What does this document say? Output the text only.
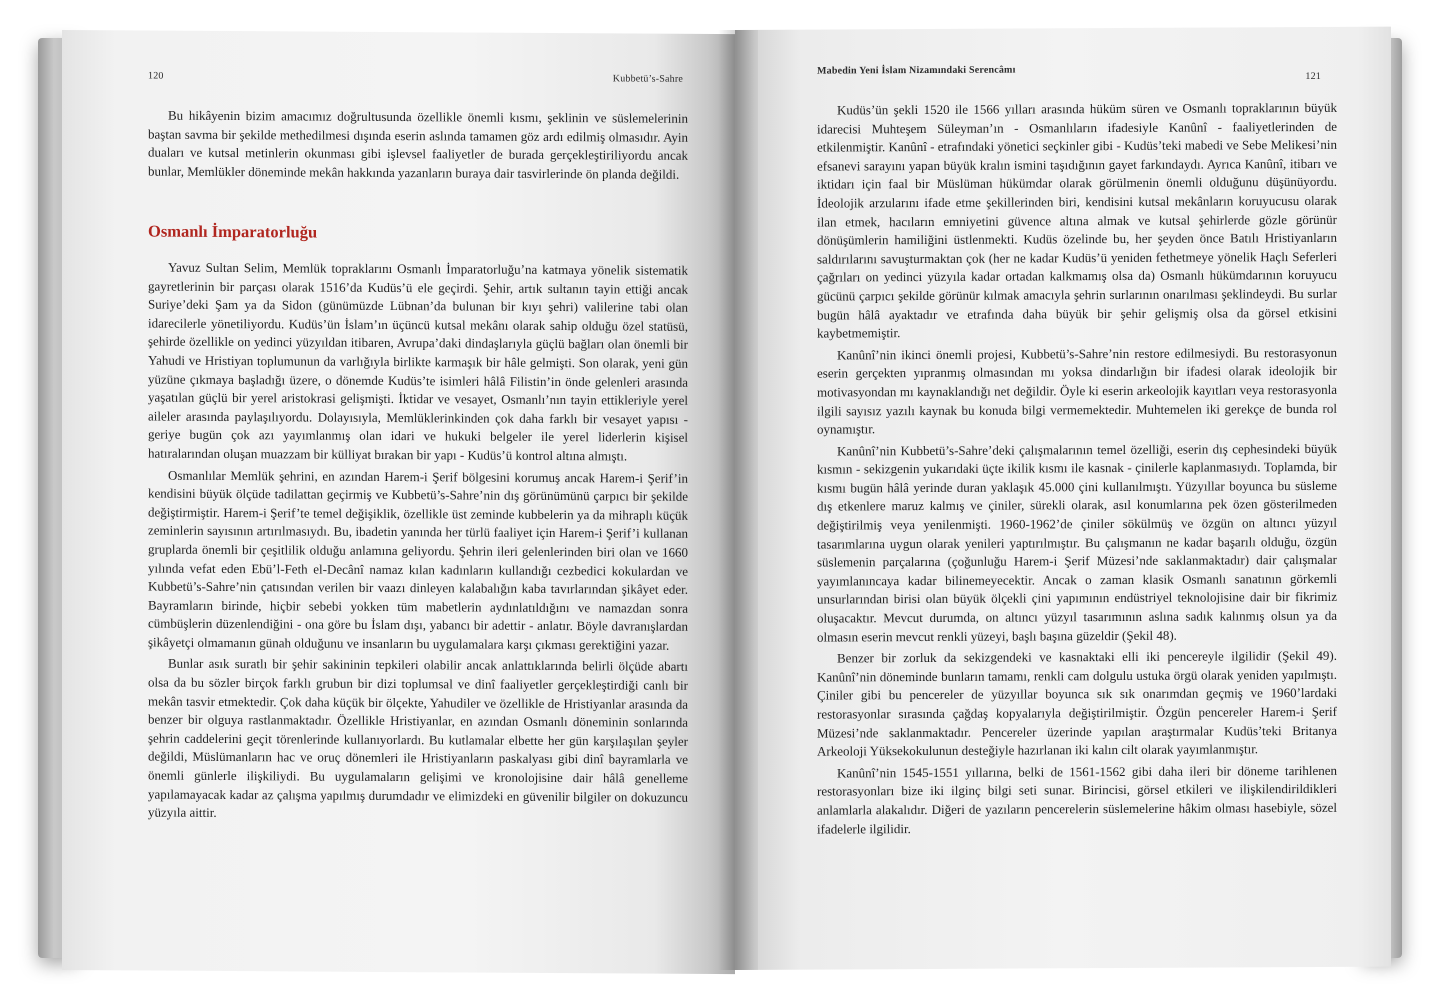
120	Kubbetü’s-Sahre

Bu hikâyenin bizim amacımız doğrultusunda özellikle önemli kısmı, şeklinin ve süslemelerinin baştan savma bir şekilde methedilmesi dışında eserin aslında tamamen göz ardı edilmiş olmasıdır. Ayin duaları ve kutsal metinlerin okunması gibi işlevsel faaliyetler de burada gerçekleştiriliyordu ancak bunlar, Memlükler döneminde mekân hakkında yazanların buraya dair tasvirlerinde ön planda değildi.

Osmanlı İmparatorluğu

Yavuz Sultan Selim, Memlük topraklarını Osmanlı İmparatorluğu’na katmaya yönelik sistematik gayretlerinin bir parçası olarak 1516’da Kudüs’ü ele geçirdi. Şehir, artık sultanın tayin ettiği ancak Suriye’deki Şam ya da Sidon (günümüzde Lübnan’da bulunan bir kıyı şehri) valilerine tabi olan idarecilerle yönetiliyordu. Kudüs’ün İslam’ın üçüncü kutsal mekânı olarak sahip olduğu özel statüsü, şehirde özellikle on yedinci yüzyıldan itibaren, Avrupa’daki dindaşlarıyla güçlü bağları olan önemli bir Yahudi ve Hristiyan toplumunun da varlığıyla birlikte karmaşık bir hâle gelmişti. Son olarak, yeni gün yüzüne çıkmaya başladığı üzere, o dönemde Kudüs’te isimleri hâlâ Filistin’in önde gelenleri arasında yaşatılan güçlü bir yerel aristokrasi gelişmişti. İktidar ve vesayet, Osmanlı’nın tayin ettikleriyle yerel aileler arasında paylaşılıyordu. Dolayısıyla, Memlüklerinkinden çok daha farklı bir vesayet yapısı - geriye bugün çok azı yayımlanmış olan idari ve hukuki belgeler ile yerel liderlerin kişisel hatıralarından oluşan muazzam bir külliyat bırakan bir yapı - Kudüs’ü kontrol altına almıştı.

Osmanlılar Memlük şehrini, en azından Harem-i Şerif bölgesini korumuş ancak Harem-i Şerif’in kendisini büyük ölçüde tadilattan geçirmiş ve Kubbetü’s-Sahre’nin dış görünümünü çarpıcı bir şekilde değiştirmiştir. Harem-i Şerif’te temel değişiklik, özellikle üst zeminde kubbelerin ya da mihraplı küçük zeminlerin sayısının artırılmasıydı. Bu, ibadetin yanında her türlü faaliyet için Harem-i Şerif’i kullanan gruplarda önemli bir çeşitlilik olduğu anlamına geliyordu. Şehrin ileri gelenlerinden biri olan ve 1660 yılında vefat eden Ebü’l-Feth el-Decânî namaz kılan kadınların kullandığı cezbedici kokulardan ve Kubbetü’s-Sahre’nin çatısından verilen bir vaazı dinleyen kalabalığın kaba tavırlarından şikâyet eder. Bayramların birinde, hiçbir sebebi yokken tüm mabetlerin aydınlatıldığını ve namazdan sonra cümbüşlerin düzenlendiğini - ona göre bu İslam dışı, yabancı bir adettir - anlatır. Böyle davranışlardan şikâyetçi olmamanın günah olduğunu ve insanların bu uygulamalara karşı çıkması gerektiğini yazar.

Bunlar asık suratlı bir şehir sakininin tepkileri olabilir ancak anlattıklarında belirli ölçüde abartı olsa da bu sözler birçok farklı grubun bir dizi toplumsal ve dinî faaliyetler gerçekleştirdiği canlı bir mekân tasvir etmektedir. Çok daha küçük bir ölçekte, Yahudiler ve özellikle de Hristiyanlar arasında da benzer bir olguya rastlanmaktadır. Özellikle Hristiyanlar, en azından Osmanlı döneminin sonlarında şehrin caddelerini geçit törenlerinde kullanıyorlardı. Bu kutlamalar elbette her gün karşılaşılan şeyler değildi, Müslümanların hac ve oruç dönemleri ile Hristiyanların paskalyası gibi dinî bayramlarla ve önemli günlerle ilişkiliydi. Bu uygulamaların gelişimi ve kronolojisine dair hâlâ genelleme yapılamayacak kadar az çalışma yapılmış durumdadır ve elimizdeki en güvenilir bilgiler on dokuzuncu yüzyıla aittir.

Mabedin Yeni İslam Nizamındaki Serencâmı	121

Kudüs’ün şekli 1520 ile 1566 yılları arasında hüküm süren ve Osmanlı topraklarının büyük idarecisi Muhteşem Süleyman’ın - Osmanlıların ifadesiyle Kanûnî - faaliyetlerinden de etkilenmiştir. Kanûnî - etrafındaki yönetici seçkinler gibi - Kudüs’teki mabedi ve Sebe Melikesi’nin efsanevi sarayını yapan büyük kralın ismini taşıdığının gayet farkındaydı. Ayrıca Kanûnî, itibarı ve iktidarı için faal bir Müslüman hükümdar olarak görülmenin önemli olduğunu düşünüyordu. İdeolojik arzularını ifade etme şekillerinden biri, kendisini kutsal mekânların koruyucusu olarak ilan etmek, hacıların emniyetini güvence altına almak ve kutsal şehirlerde gözle görünür dönüşümlerin hamiliğini üstlenmekti. Kudüs özelinde bu, her şeyden önce Batılı Hristiyanların saldırılarını savuşturmaktan çok (her ne kadar Kudüs’ü yeniden fethetmeye yönelik Haçlı Seferleri çağrıları on yedinci yüzyıla kadar ortadan kalkmamış olsa da) Osmanlı hükümdarının koruyucu gücünü çarpıcı şekilde görünür kılmak amacıyla şehrin surlarının onarılması şeklindeydi. Bu surlar bugün hâlâ ayaktadır ve etrafında daha büyük bir şehir gelişmiş olsa da görsel etkisini kaybetmemiştir.

Kanûnî’nin ikinci önemli projesi, Kubbetü’s-Sahre’nin restore edilmesiydi. Bu restorasyonun eserin gerçekten yıpranmış olmasından mı yoksa dindarlığın bir ifadesi olarak ideolojik bir motivasyondan mı kaynaklandığı net değildir. Öyle ki eserin arkeolojik kayıtları veya restorasyonla ilgili sayısız yazılı kaynak bu konuda bilgi vermemektedir. Muhtemelen iki gerekçe de bunda rol oynamıştır.

Kanûnî’nin Kubbetü’s-Sahre’deki çalışmalarının temel özelliği, eserin dış cephesindeki büyük kısmın - sekizgenin yukarıdaki üçte ikilik kısmı ile kasnak - çinilerle kaplanmasıydı. Toplamda, bir kısmı bugün hâlâ yerinde duran yaklaşık 45.000 çini kullanılmıştı. Yüzyıllar boyunca bu süsleme dış etkenlere maruz kalmış ve çiniler, sürekli olarak, asıl konumlarına pek özen gösterilmeden değiştirilmiş veya yenilenmişti. 1960-1962’de çiniler sökülmüş ve özgün on altıncı yüzyıl tasarımlarına uygun olarak yenileri yaptırılmıştır. Bu çalışmanın ne kadar başarılı olduğu, özgün süslemenin parçalarına (çoğunluğu Harem-i Şerif Müzesi’nde saklanmaktadır) dair çalışmalar yayımlanıncaya kadar bilinemeyecektir. Ancak o zaman klasik Osmanlı sanatının görkemli unsurlarından birisi olan büyük ölçekli çini yapımının endüstriyel teknolojisine dair bir fikrimiz oluşacaktır. Mevcut durumda, on altıncı yüzyıl tasarımının aslına sadık kalınmış olsun ya da olmasın eserin mevcut renkli yüzeyi, başlı başına güzeldir (Şekil 48).

Benzer bir zorluk da sekizgendeki ve kasnaktaki elli iki pencereyle ilgilidir (Şekil 49). Kanûnî’nin döneminde bunların tamamı, renkli cam dolgulu ustuka örgü olarak yeniden yapılmıştı. Çiniler gibi bu pencereler de yüzyıllar boyunca sık sık onarımdan geçmiş ve 1960’lardaki restorasyonlar sırasında çağdaş kopyalarıyla değiştirilmiştir. Özgün pencereler Harem-i Şerif Müzesi’nde saklanmaktadır. Pencereler üzerinde yapılan araştırmalar Kudüs’teki Britanya Arkeoloji Yüksekokulunun desteğiyle hazırlanan iki kalın cilt olarak yayımlanmıştır.

Kanûnî’nin 1545-1551 yıllarına, belki de 1561-1562 gibi daha ileri bir döneme tarihlenen restorasyonları bize iki ilginç bilgi seti sunar. Birincisi, görsel etkileri ve ilişkilendirildikleri anlamlarla alakalıdır. Diğeri de yazıların pencerelerin süslemelerine hâkim olması hasebiyle, sözel ifadelerle ilgilidir.
